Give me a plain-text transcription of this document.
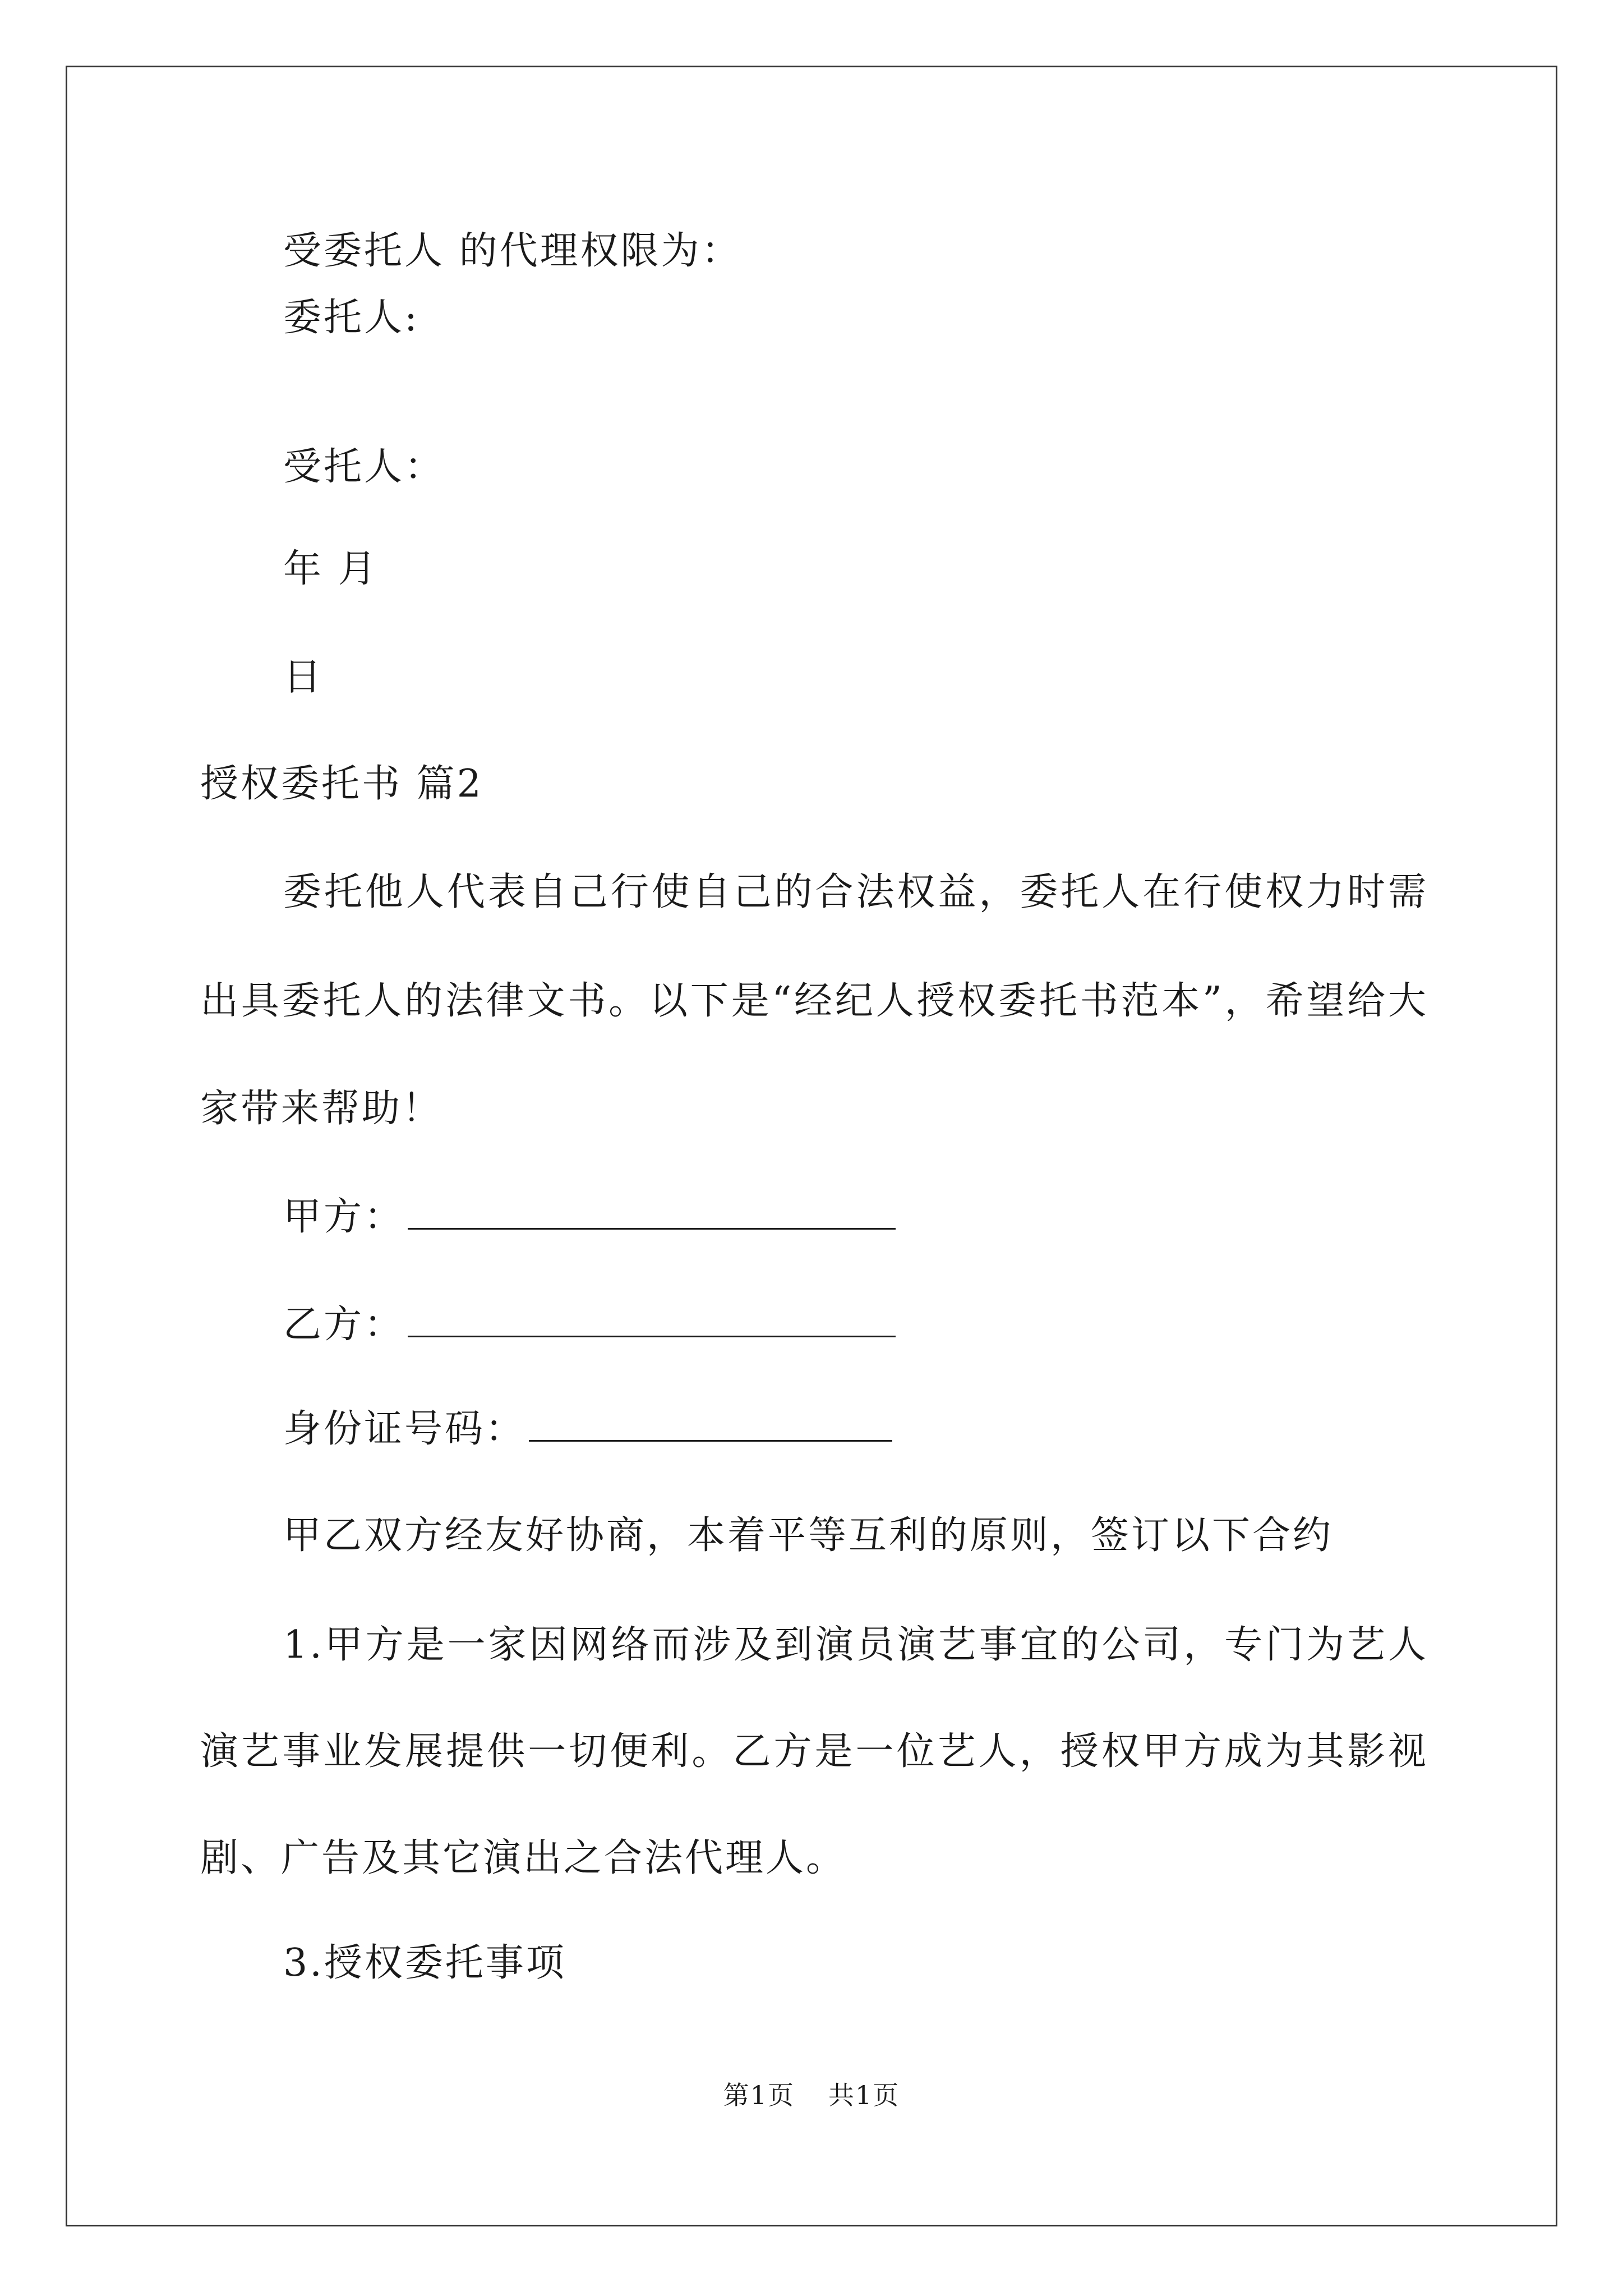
受委托人 的代理权限为：
委托人:
受托人：
年 月
日
授权委托书 篇2
委托他人代表自己行使自己的合法权益，委托人在行使权力时需
出具委托人的法律文书。以下是“经纪人授权委托书范本”，希望给大
家带来帮助！
甲方：
乙方：
身份证号码：
甲乙双方经友好协商，本着平等互利的原则，签订以下合约
1.甲方是一家因网络而涉及到演员演艺事宜的公司，专门为艺人
演艺事业发展提供一切便利。乙方是一位艺人，授权甲方成为其影视
剧、广告及其它演出之合法代理人。
3.授权委托事项
第1页 共1页
